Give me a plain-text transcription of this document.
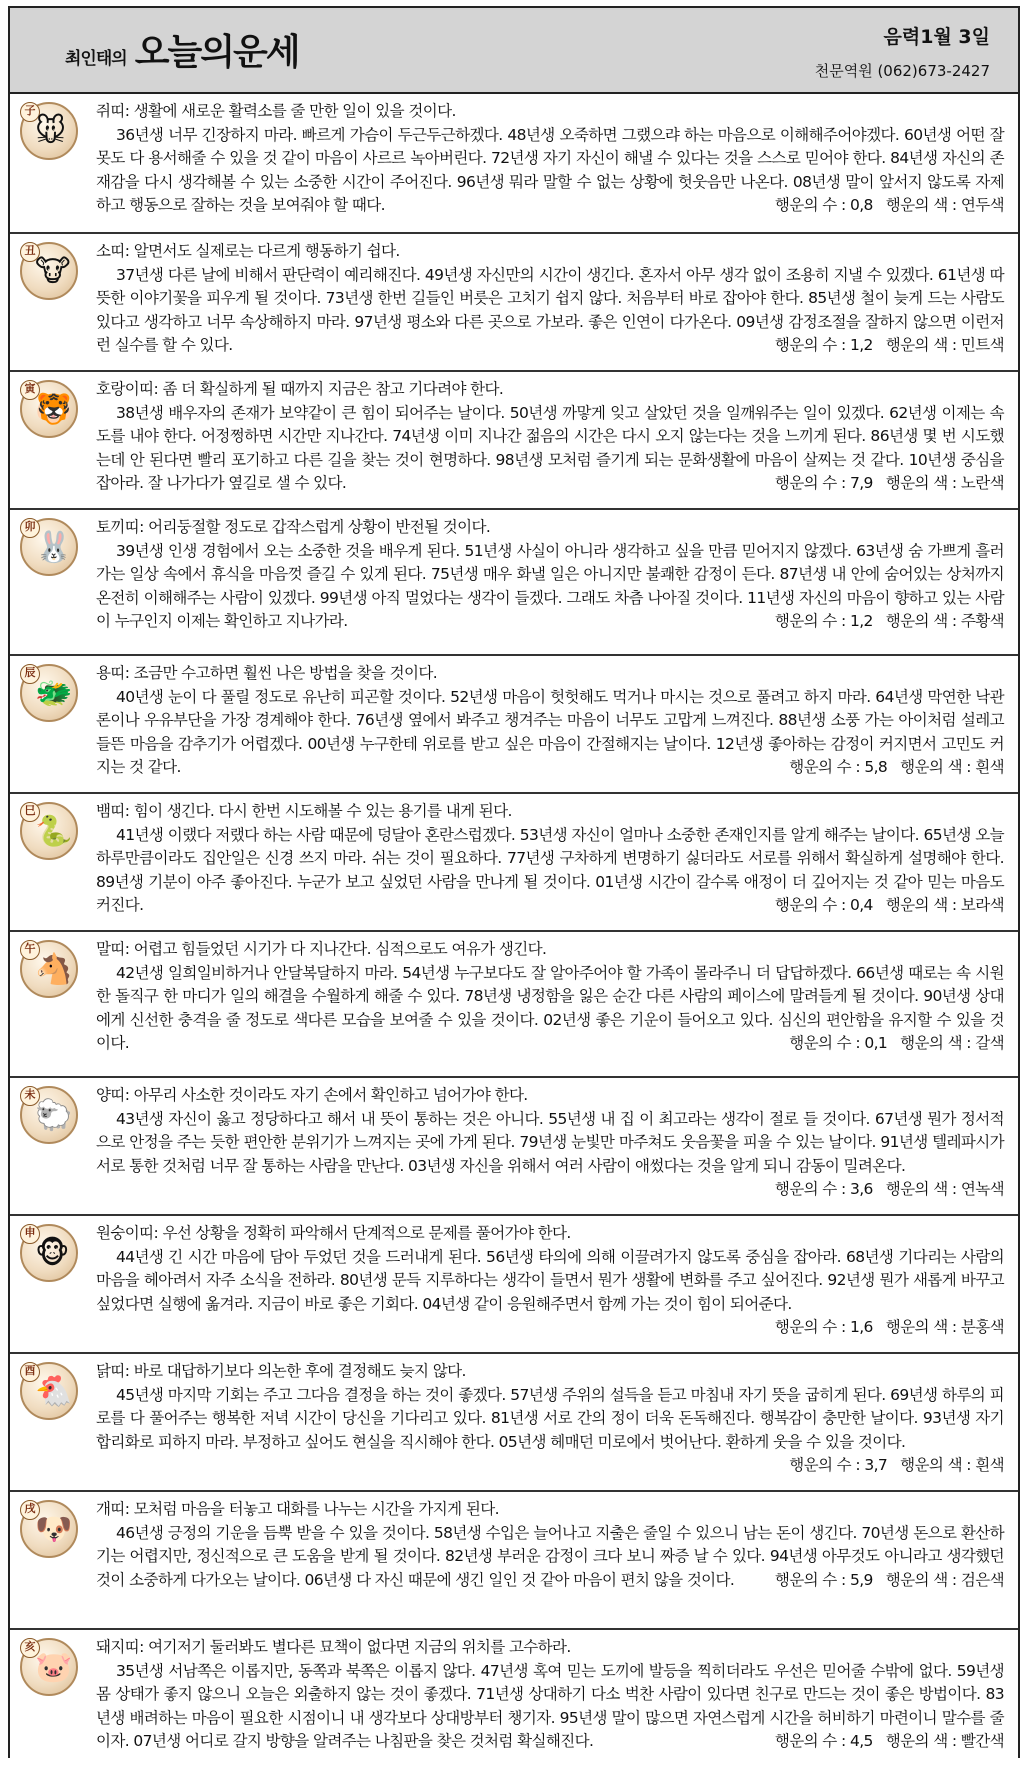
최인태의 오늘의운세	음력1월 3일
천문역원 (062)673-2427
子
🐭
쥐띠: 생활에 새로운 활력소를 줄 만한 일이 있을 것이다.
36년생 너무 긴장하지 마라. 빠르게 가슴이 두근두근하겠다. 48년생 오죽하면 그랬으랴 하는 마음으로 이해해주어야겠다. 60년생 어떤 잘못도 다 용서해줄 수 있을 것 같이 마음이 사르르 녹아버린다. 72년생 자기 자신이 해낼 수 있다는 것을 스스로 믿어야 한다. 84년생 자신의 존재감을 다시 생각해볼 수 있는 소중한 시간이 주어진다. 96년생 뭐라 말할 수 없는 상황에 헛웃음만 나온다. 08년생 말이 앞서지 않도록 자제하고 행동으로 잘하는 것을 보여줘야 할 때다.	행운의 수 : 0,8 행운의 색 : 연두색
丑
🐮
소띠: 알면서도 실제로는 다르게 행동하기 쉽다.
37년생 다른 날에 비해서 판단력이 예리해진다. 49년생 자신만의 시간이 생긴다. 혼자서 아무 생각 없이 조용히 지낼 수 있겠다. 61년생 따뜻한 이야기꽃을 피우게 될 것이다. 73년생 한번 길들인 버릇은 고치기 쉽지 않다. 처음부터 바로 잡아야 한다. 85년생 철이 늦게 드는 사람도 있다고 생각하고 너무 속상해하지 마라. 97년생 평소와 다른 곳으로 가보라. 좋은 인연이 다가온다. 09년생 감정조절을 잘하지 않으면 이런저런 실수를 할 수 있다.	행운의 수 : 1,2 행운의 색 : 민트색
寅
🐯
호랑이띠: 좀 더 확실하게 될 때까지 지금은 참고 기다려야 한다.
38년생 배우자의 존재가 보약같이 큰 힘이 되어주는 날이다. 50년생 까맣게 잊고 살았던 것을 일깨워주는 일이 있겠다. 62년생 이제는 속도를 내야 한다. 어정쩡하면 시간만 지나간다. 74년생 이미 지나간 젊음의 시간은 다시 오지 않는다는 것을 느끼게 된다. 86년생 몇 번 시도했는데 안 된다면 빨리 포기하고 다른 길을 찾는 것이 현명하다. 98년생 모처럼 즐기게 되는 문화생활에 마음이 살찌는 것 같다. 10년생 중심을 잡아라. 잘 나가다가 옆길로 샐 수 있다.	행운의 수 : 7,9 행운의 색 : 노란색
卯
🐰
토끼띠: 어리둥절할 정도로 갑작스럽게 상황이 반전될 것이다.
39년생 인생 경험에서 오는 소중한 것을 배우게 된다. 51년생 사실이 아니라 생각하고 싶을 만큼 믿어지지 않겠다. 63년생 숨 가쁘게 흘러가는 일상 속에서 휴식을 마음껏 즐길 수 있게 된다. 75년생 매우 화낼 일은 아니지만 불쾌한 감정이 든다. 87년생 내 안에 숨어있는 상처까지 온전히 이해해주는 사람이 있겠다. 99년생 아직 멀었다는 생각이 들겠다. 그래도 차츰 나아질 것이다. 11년생 자신의 마음이 향하고 있는 사람이 누구인지 이제는 확인하고 지나가라.	행운의 수 : 1,2 행운의 색 : 주황색
辰
🐲
용띠: 조금만 수고하면 훨씬 나은 방법을 찾을 것이다.
40년생 눈이 다 풀릴 정도로 유난히 피곤할 것이다. 52년생 마음이 헛헛해도 먹거나 마시는 것으로 풀려고 하지 마라. 64년생 막연한 낙관론이나 우유부단을 가장 경계해야 한다. 76년생 옆에서 봐주고 챙겨주는 마음이 너무도 고맙게 느껴진다. 88년생 소풍 가는 아이처럼 설레고 들뜬 마음을 감추기가 어렵겠다. 00년생 누구한테 위로를 받고 싶은 마음이 간절해지는 날이다. 12년생 좋아하는 감정이 커지면서 고민도 커지는 것 같다.	행운의 수 : 5,8 행운의 색 : 흰색
巳
🐍
뱀띠: 힘이 생긴다. 다시 한번 시도해볼 수 있는 용기를 내게 된다.
41년생 이랬다 저랬다 하는 사람 때문에 덩달아 혼란스럽겠다. 53년생 자신이 얼마나 소중한 존재인지를 알게 해주는 날이다. 65년생 오늘 하루만큼이라도 집안일은 신경 쓰지 마라. 쉬는 것이 필요하다. 77년생 구차하게 변명하기 싫더라도 서로를 위해서 확실하게 설명해야 한다. 89년생 기분이 아주 좋아진다. 누군가 보고 싶었던 사람을 만나게 될 것이다. 01년생 시간이 갈수록 애정이 더 깊어지는 것 같아 믿는 마음도 커진다.	행운의 수 : 0,4 행운의 색 : 보라색
午
🐴
말띠: 어렵고 힘들었던 시기가 다 지나간다. 심적으로도 여유가 생긴다.
42년생 일희일비하거나 안달복달하지 마라. 54년생 누구보다도 잘 알아주어야 할 가족이 몰라주니 더 답답하겠다. 66년생 때로는 속 시원한 돌직구 한 마디가 일의 해결을 수월하게 해줄 수 있다. 78년생 냉정함을 잃은 순간 다른 사람의 페이스에 말려들게 될 것이다. 90년생 상대에게 신선한 충격을 줄 정도로 색다른 모습을 보여줄 수 있을 것이다. 02년생 좋은 기운이 들어오고 있다. 심신의 편안함을 유지할 수 있을 것이다.	행운의 수 : 0,1 행운의 색 : 갈색
未
🐑
양띠: 아무리 사소한 것이라도 자기 손에서 확인하고 넘어가야 한다.
43년생 자신이 옳고 정당하다고 해서 내 뜻이 통하는 것은 아니다. 55년생 내 집 이 최고라는 생각이 절로 들 것이다. 67년생 뭔가 정서적으로 안정을 주는 듯한 편안한 분위기가 느껴지는 곳에 가게 된다. 79년생 눈빛만 마주쳐도 웃음꽃을 피울 수 있는 날이다. 91년생 텔레파시가 서로 통한 것처럼 너무 잘 통하는 사람을 만난다. 03년생 자신을 위해서 여러 사람이 애썼다는 것을 알게 되니 감동이 밀려온다.
행운의 수 : 3,6 행운의 색 : 연녹색
申
🐵
원숭이띠: 우선 상황을 정확히 파악해서 단계적으로 문제를 풀어가야 한다.
44년생 긴 시간 마음에 담아 두었던 것을 드러내게 된다. 56년생 타의에 의해 이끌려가지 않도록 중심을 잡아라. 68년생 기다리는 사람의 마음을 헤아려서 자주 소식을 전하라. 80년생 문득 지루하다는 생각이 들면서 뭔가 생활에 변화를 주고 싶어진다. 92년생 뭔가 새롭게 바꾸고 싶었다면 실행에 옮겨라. 지금이 바로 좋은 기회다. 04년생 같이 응원해주면서 함께 가는 것이 힘이 되어준다.
행운의 수 : 1,6 행운의 색 : 분홍색
酉
🐔
닭띠: 바로 대답하기보다 의논한 후에 결정해도 늦지 않다.
45년생 마지막 기회는 주고 그다음 결정을 하는 것이 좋겠다. 57년생 주위의 설득을 듣고 마침내 자기 뜻을 굽히게 된다. 69년생 하루의 피로를 다 풀어주는 행복한 저녁 시간이 당신을 기다리고 있다. 81년생 서로 간의 정이 더욱 돈독해진다. 행복감이 충만한 날이다. 93년생 자기 합리화로 피하지 마라. 부정하고 싶어도 현실을 직시해야 한다. 05년생 헤매던 미로에서 벗어난다. 환하게 웃을 수 있을 것이다.
행운의 수 : 3,7 행운의 색 : 흰색
戌
🐶
개띠: 모처럼 마음을 터놓고 대화를 나누는 시간을 가지게 된다.
46년생 긍정의 기운을 듬뿍 받을 수 있을 것이다. 58년생 수입은 늘어나고 지출은 줄일 수 있으니 남는 돈이 생긴다. 70년생 돈으로 환산하기는 어렵지만, 정신적으로 큰 도움을 받게 될 것이다. 82년생 부러운 감정이 크다 보니 짜증 날 수 있다. 94년생 아무것도 아니라고 생각했던 것이 소중하게 다가오는 날이다. 06년생 다 자신 때문에 생긴 일인 것 같아 마음이 편치 않을 것이다.	행운의 수 : 5,9 행운의 색 : 검은색
亥
🐷
돼지띠: 여기저기 둘러봐도 별다른 묘책이 없다면 지금의 위치를 고수하라.
35년생 서남쪽은 이롭지만, 동쪽과 북쪽은 이롭지 않다. 47년생 혹여 믿는 도끼에 발등을 찍히더라도 우선은 믿어줄 수밖에 없다. 59년생 몸 상태가 좋지 않으니 오늘은 외출하지 않는 것이 좋겠다. 71년생 상대하기 다소 벅찬 사람이 있다면 친구로 만드는 것이 좋은 방법이다. 83년생 배려하는 마음이 필요한 시점이니 내 생각보다 상대방부터 챙기자. 95년생 말이 많으면 자연스럽게 시간을 허비하기 마련이니 말수를 줄이자. 07년생 어디로 갈지 방향을 알려주는 나침판을 찾은 것처럼 확실해진다.	행운의 수 : 4,5 행운의 색 : 빨간색
